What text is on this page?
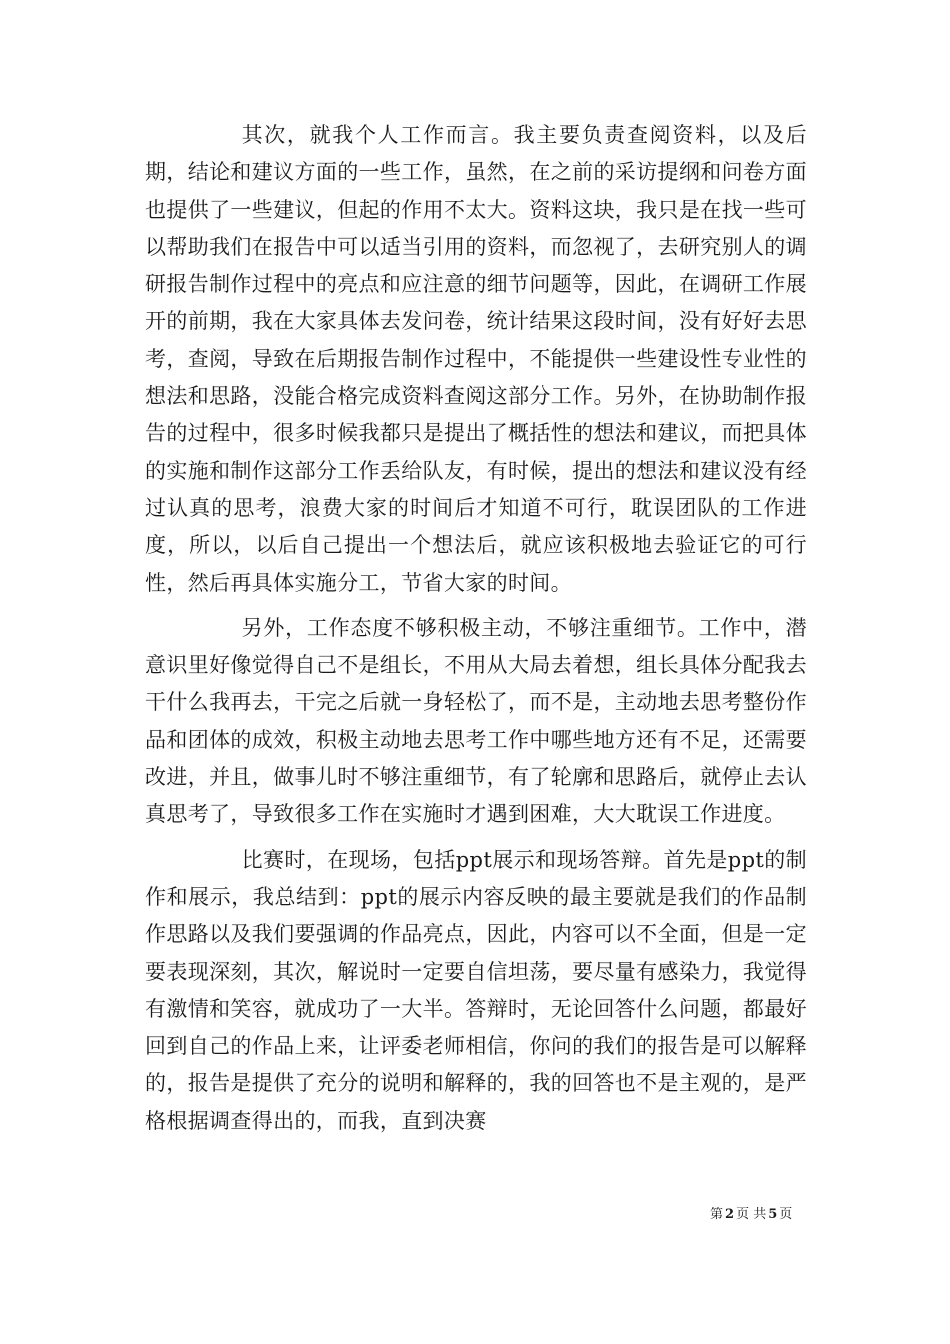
其次，就我个人工作而言。我主要负责查阅资料，以及后期，结论和建议方面的一些工作，虽然，在之前的采访提纲和问卷方面也提供了一些建议，但起的作用不太大。资料这块，我只是在找一些可以帮助我们在报告中可以适当引用的资料，而忽视了，去研究别人的调研报告制作过程中的亮点和应注意的细节问题等，因此，在调研工作展开的前期，我在大家具体去发问卷，统计结果这段时间，没有好好去思考，查阅，导致在后期报告制作过程中，不能提供一些建设性专业性的想法和思路，没能合格完成资料查阅这部分工作。另外，在协助制作报告的过程中，很多时候我都只是提出了概括性的想法和建议，而把具体的实施和制作这部分工作丢给队友，有时候，提出的想法和建议没有经过认真的思考，浪费大家的时间后才知道不可行，耽误团队的工作进度，所以，以后自己提出一个想法后，就应该积极地去验证它的可行性，然后再具体实施分工，节省大家的时间。

另外，工作态度不够积极主动，不够注重细节。工作中，潜意识里好像觉得自己不是组长，不用从大局去着想，组长具体分配我去干什么我再去，干完之后就一身轻松了，而不是，主动地去思考整份作品和团体的成效，积极主动地去思考工作中哪些地方还有不足，还需要改进，并且，做事儿时不够注重细节，有了轮廓和思路后，就停止去认真思考了，导致很多工作在实施时才遇到困难，大大耽误工作进度。

比赛时，在现场，包括ppt展示和现场答辩。首先是ppt的制作和展示，我总结到：ppt的展示内容反映的最主要就是我们的作品制作思路以及我们要强调的作品亮点，因此，内容可以不全面，但是一定要表现深刻，其次，解说时一定要自信坦荡，要尽量有感染力，我觉得有激情和笑容，就成功了一大半。答辩时，无论回答什么问题，都最好回到自己的作品上来，让评委老师相信，你问的我们的报告是可以解释的，报告是提供了充分的说明和解释的，我的回答也不是主观的，是严格根据调查得出的，而我，直到决赛

第 2 页 共 5 页
